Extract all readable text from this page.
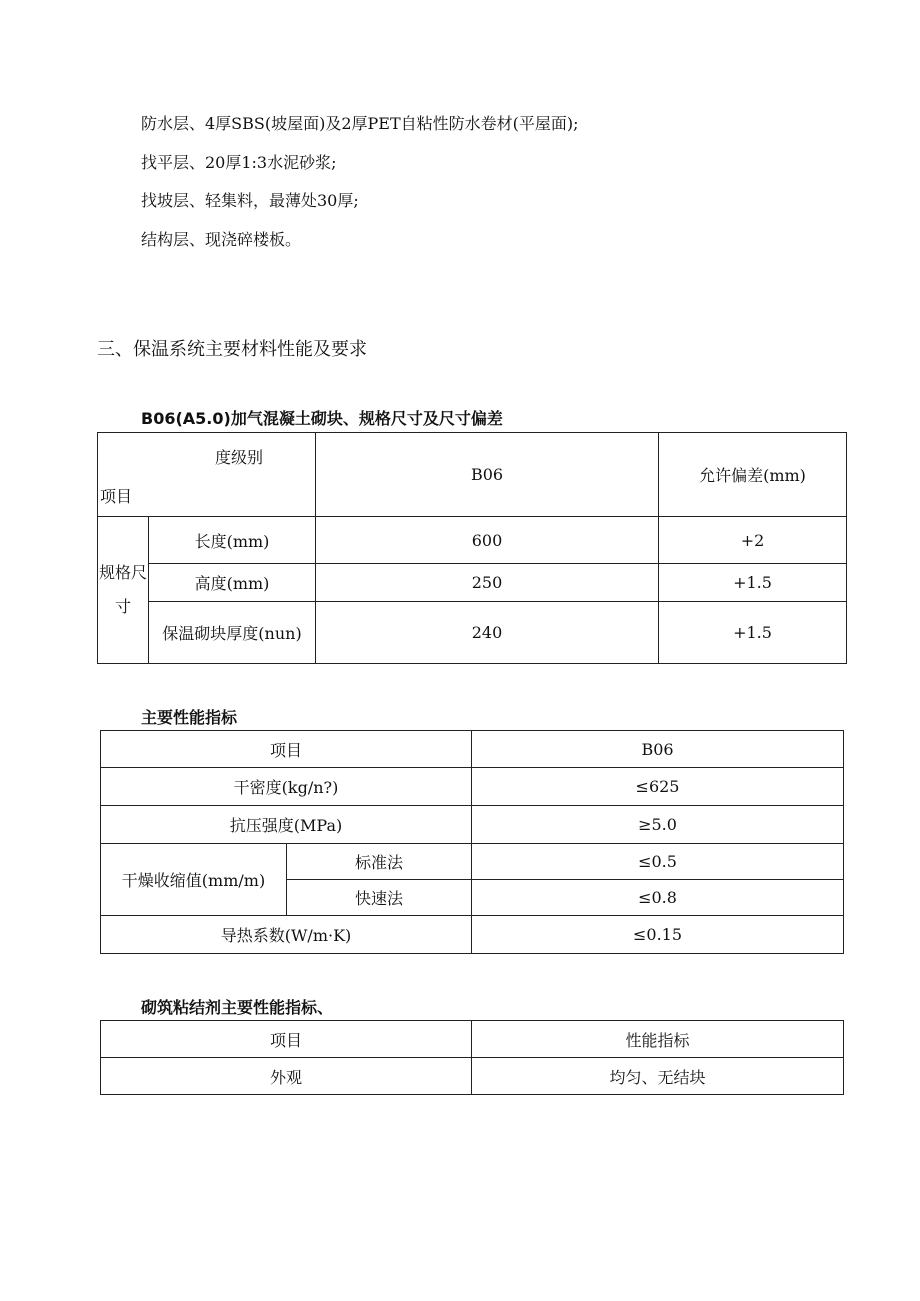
防水层、4厚SBS(坡屋面)及2厚PET自粘性防水卷材(平屋面);
找平层、20厚1:3水泥砂浆;
找坡层、轻集料，最薄处30厚;
结构层、现浇碎楼板。
三、保温系统主要材料性能及要求
B06(A5.0)加气混凝土砌块、规格尺寸及尺寸偏差
度级别
项目		B06	允许偏差(mm)
规格尺寸	长度(mm)	600	+2
	高度(mm)	250	+1.5
	保温砌块厚度(nun)	240	+1.5
主要性能指标
项目		B06
干密度(kg/n?)		≤625
抗压强度(MPa)		≥5.0
干燥收缩值(mm/m)	标准法	≤0.5
	快速法	≤0.8
导热系数(W/m·K)		≤0.15
砌筑粘结剂主要性能指标、
项目	性能指标
外观	均匀、无结块
